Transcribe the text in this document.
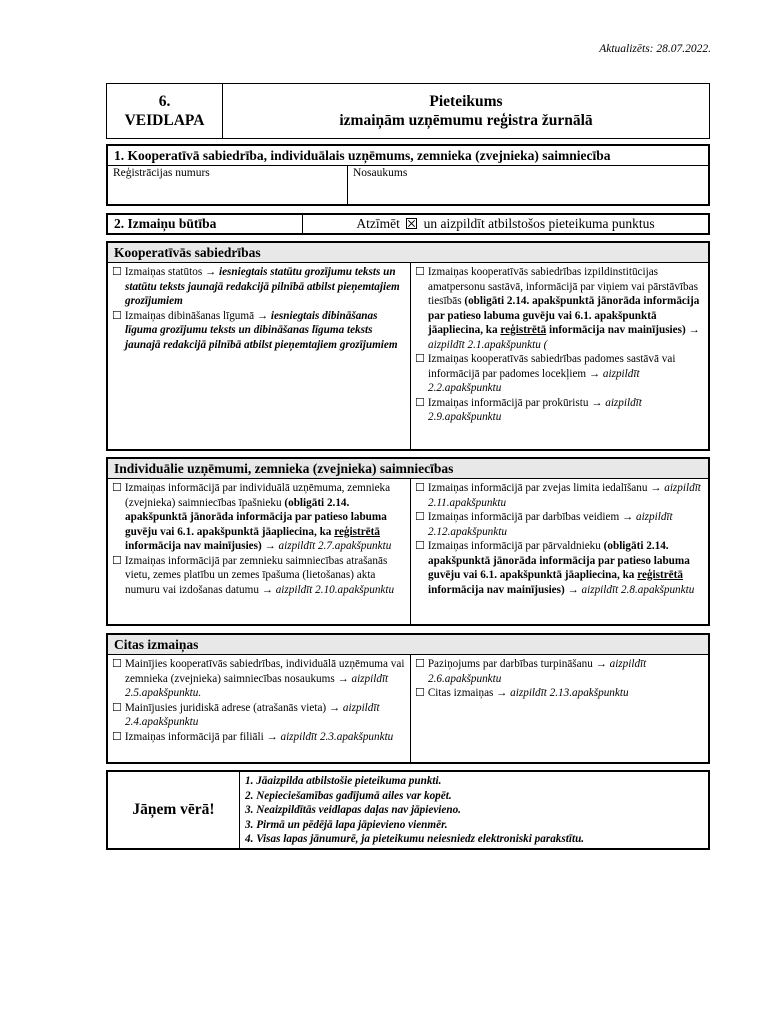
Aktualizēts: 28.07.2022.
6.
VEIDLAPA
Pieteikums
izmaiņām uzņēmumu reģistra žurnālā
1. Kooperatīvā sabiedrība, individuālais uzņēmums, zemnieka (zvejnieka) saimniecība
Reģistrācijas numurs	Nosaukums
2. Izmaiņu būtība	Atzīmēt un aizpildīt atbilstošos pieteikuma punktus
Kooperatīvās sabiedrības

☐ Izmaiņas statūtos → iesniegtais statūtu grozījumu teksts un statūtu teksts jaunajā redakcijā pilnībā atbilst pieņemtajiem grozījumiem

☐ Izmaiņas dibināšanas līgumā → iesniegtais dibināšanas līguma grozījumu teksts un dibināšanas līguma teksts jaunajā redakcijā pilnībā atbilst pieņemtajiem grozījumiem

☐ Izmaiņas kooperatīvās sabiedrības izpildinstitūcijas amatpersonu sastāvā, informācijā par viņiem vai pārstāvības tiesībās (obligāti 2.14. apakšpunktā jānorāda informācija par patieso labuma guvēju vai 6.1. apakšpunktā jāapliecina, ka reģistrētā informācija nav mainījusies) → aizpildīt 2.1.apakšpunktu (

☐ Izmaiņas kooperatīvās sabiedrības padomes sastāvā vai informācijā par padomes locekļiem → aizpildīt 2.2.apakšpunktu

☐ Izmaiņas informācijā par prokūristu → aizpildīt 2.9.apakšpunktu

Individuālie uzņēmumi, zemnieka (zvejnieka) saimniecības

☐ Izmaiņas informācijā par individuālā uzņēmuma, zemnieka (zvejnieka) saimniecības īpašnieku (obligāti 2.14. apakšpunktā jānorāda informācija par patieso labuma guvēju vai 6.1. apakšpunktā jāapliecina, ka reģistrētā informācija nav mainījusies) → aizpildīt 2.7.apakšpunktu

☐ Izmaiņas informācijā par zemnieku saimniecības atrašanās vietu, zemes platību un zemes īpašuma (lietošanas) akta numuru vai izdošanas datumu → aizpildīt 2.10.apakšpunktu

☐ Izmaiņas informācijā par zvejas limita iedalīšanu → aizpildīt 2.11.apakšpunktu

☐ Izmaiņas informācijā par darbības veidiem → aizpildīt 2.12.apakšpunktu

☐ Izmaiņas informācijā par pārvaldnieku (obligāti 2.14. apakšpunktā jānorāda informācija par patieso labuma guvēju vai 6.1. apakšpunktā jāapliecina, ka reģistrētā informācija nav mainījusies) → aizpildīt 2.8.apakšpunktu

Citas izmaiņas

☐ Mainījies kooperatīvās sabiedrības, individuālā uzņēmuma vai zemnieka (zvejnieka) saimniecības nosaukums → aizpildīt 2.5.apakšpunktu.

☐ Mainījusies juridiskā adrese (atrašanās vieta) → aizpildīt 2.4.apakšpunktu

☐ Izmaiņas informācijā par filiāli → aizpildīt 2.3.apakšpunktu

☐ Paziņojums par darbības turpināšanu → aizpildīt 2.6.apakšpunktu

☐ Citas izmaiņas → aizpildīt 2.13.apakšpunktu

Jāņem vērā!

1. Jāaizpilda atbilstošie pieteikuma punkti.

2. Nepieciešamības gadījumā ailes var kopēt.

3. Neaizpildītās veidlapas daļas nav jāpievieno.

3. Pirmā un pēdējā lapa jāpievieno vienmēr.

4. Visas lapas jānumurē, ja pieteikumu neiesniedz elektroniski parakstītu.
